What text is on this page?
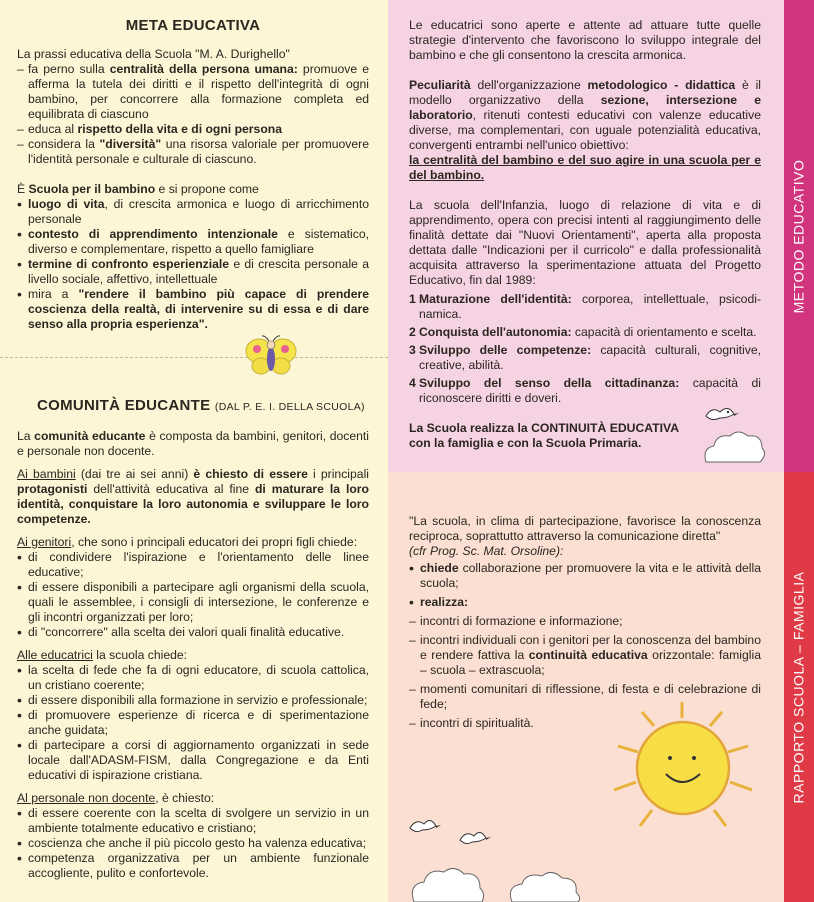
METODO EDUCATIVO
RAPPORTO SCUOLA – FAMIGLIA
META EDUCATIVA

La prassi educativa della Scuola "M. A. Durighello"

– fa perno sulla centralità della persona umana: promuove e afferma la tutela dei diritti e il rispetto dell'integrità di ogni bambino, per concorrere alla formazione completa ed equilibrata di ciascuno
– educa al rispetto della vita e di ogni persona
– considera la "diversità" una risorsa valoriale per promuovere l'identità personale e culturale di ciascuno.

È Scuola per il bambino e si propone come

• luogo di vita, di crescita armonica e luogo di arricchimento personale
• contesto di apprendimento intenzionale e sistematico, diverso e complementare, rispetto a quello famigliare
• termine di confronto esperienziale e di crescita personale a livello sociale, affettivo, intellettuale
• mira a "rendere il bambino più capace di prendere coscienza della realtà, di intervenire su di essa e di dare senso alla propria esperienza".
COMUNITÀ EDUCANTE (DAL P. E. I. DELLA SCUOLA)

La comunità educante è composta da bambini, genitori, docenti e personale non docente.

Ai bambini (dai tre ai sei anni) è chiesto di essere i principali protagonisti dell'attività educativa al fine di maturare la loro identità, conquistare la loro autonomia e sviluppare le loro competenze.

Ai genitori, che sono i principali educatori dei propri figli chiede:

• di condividere l'ispirazione e l'orientamento delle linee educative;
• di essere disponibili a partecipare agli organismi della scuola, quali le assemblee, i consigli di intersezione, le conferenze e gli incontri organizzati per loro;
• di "concorrere" alla scelta dei valori quali finalità educative.

Alle educatrici la scuola chiede:

• la scelta di fede che fa di ogni educatore, di scuola cattolica, un cristiano coerente;
• di essere disponibili alla formazione in servizio e professionale;
• di promuovere esperienze di ricerca e di sperimentazione anche guidata;
• di partecipare a corsi di aggiornamento organizzati in sede locale dall'ADASM-FISM, dalla Congregazione e da Enti educativi di ispirazione cristiana.

Al personale non docente, è chiesto:

• di essere coerente con la scelta di svolgere un servizio in un ambiente totalmente educativo e cristiano;
• coscienza che anche il più piccolo gesto ha valenza educativa;
• competenza organizzativa per un ambiente funzionale accogliente, pulito e confortevole.

Le educatrici sono aperte e attente ad attuare tutte quelle strategie d'intervento che favoriscono lo sviluppo integrale del bambino e che gli consentono la crescita armonica.

Peculiarità dell'organizzazione metodologico - didattica è il modello organizzativo della sezione, intersezione e laboratorio, ritenuti contesti educativi con valenze educative diverse, ma complementari, con uguale potenzialità educativa, convergenti entrambi nell'unico obiettivo:

la centralità del bambino e del suo agire in una scuola per e del bambino.

La scuola dell'Infanzia, luogo di relazione di vita e di apprendimento, opera con precisi intenti al raggiungimento delle finalità dettate dai "Nuovi Orientamenti", aperta alla proposta dettata dalle "Indicazioni per il curricolo" e dalla professionalità acquisita attraverso la sperimentazione attuata del Progetto Educativo, fin dal 1989:

1 Maturazione dell'identità: corporea, intellettuale, psicodi-namica.
2 Conquista dell'autonomia: capacità di orientamento e scelta.
3 Sviluppo delle competenze: capacità culturali, cognitive, creative, abilità.
4 Sviluppo del senso della cittadinanza: capacità di riconoscere diritti e doveri.

La Scuola realizza la CONTINUITÀ EDUCATIVA con la famiglia e con la Scuola Primaria.

"La scuola, in clima di partecipazione, favorisce la conoscenza reciproca, soprattutto attraverso la comunicazione diretta"

(cfr Prog. Sc. Mat. Orsoline):

• chiede collaborazione per promuovere la vita e le attività della scuola;
• realizza:
– incontri di formazione e informazione;
– incontri individuali con i genitori per la conoscenza del bambino e rendere fattiva la continuità educativa orizzontale: famiglia – scuola – extrascuola;
– momenti comunitari di riflessione, di festa e di celebrazione di fede;
– incontri di spiritualità.
